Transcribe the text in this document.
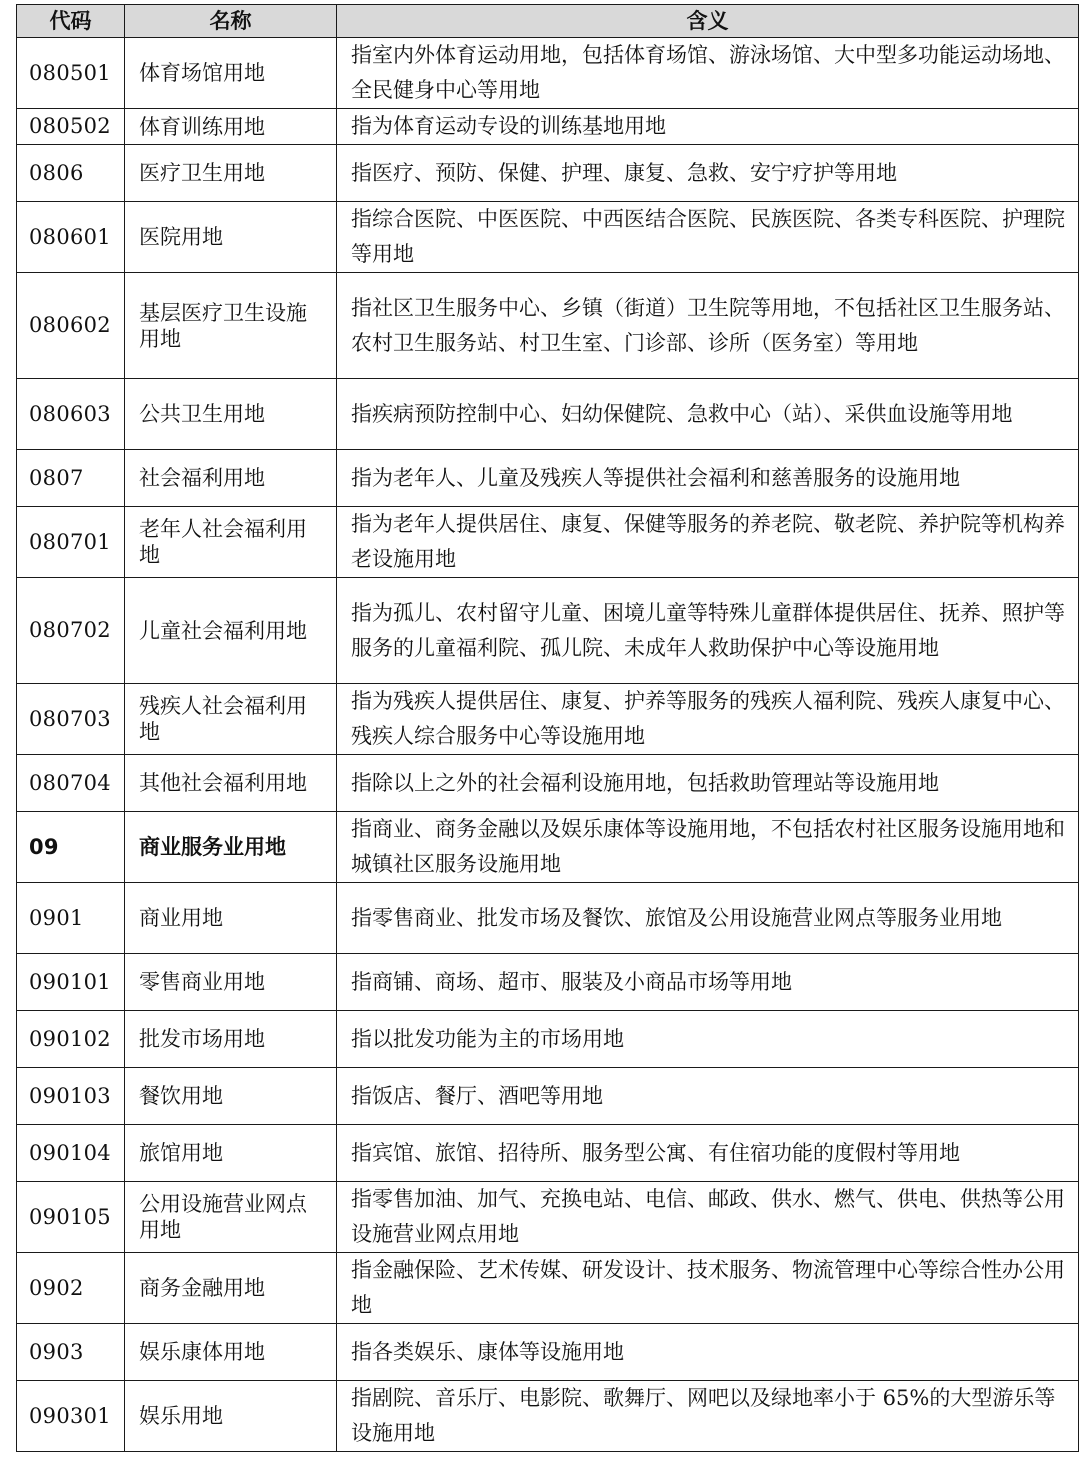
代码	名称	含义
080501	体育场馆用地	指室内外体育运动用地，包括体育场馆、游泳场馆、大中型多功能运动场地、全民健身中心等用地
080502	体育训练用地	指为体育运动专设的训练基地用地
0806	医疗卫生用地	指医疗、预防、保健、护理、康复、急救、安宁疗护等用地
080601	医院用地	指综合医院、中医医院、中西医结合医院、民族医院、各类专科医院、护理院等用地
080602	基层医疗卫生设施用地	指社区卫生服务中心、乡镇（街道）卫生院等用地，不包括社区卫生服务站、农村卫生服务站、村卫生室、门诊部、诊所（医务室）等用地
080603	公共卫生用地	指疾病预防控制中心、妇幼保健院、急救中心（站）、采供血设施等用地
0807	社会福利用地	指为老年人、儿童及残疾人等提供社会福利和慈善服务的设施用地
080701	老年人社会福利用地	指为老年人提供居住、康复、保健等服务的养老院、敬老院、养护院等机构养老设施用地
080702	儿童社会福利用地	指为孤儿、农村留守儿童、困境儿童等特殊儿童群体提供居住、抚养、照护等服务的儿童福利院、孤儿院、未成年人救助保护中心等设施用地
080703	残疾人社会福利用地	指为残疾人提供居住、康复、护养等服务的残疾人福利院、残疾人康复中心、残疾人综合服务中心等设施用地
080704	其他社会福利用地	指除以上之外的社会福利设施用地，包括救助管理站等设施用地
09	商业服务业用地	指商业、商务金融以及娱乐康体等设施用地，不包括农村社区服务设施用地和城镇社区服务设施用地
0901	商业用地	指零售商业、批发市场及餐饮、旅馆及公用设施营业网点等服务业用地
090101	零售商业用地	指商铺、商场、超市、服装及小商品市场等用地
090102	批发市场用地	指以批发功能为主的市场用地
090103	餐饮用地	指饭店、餐厅、酒吧等用地
090104	旅馆用地	指宾馆、旅馆、招待所、服务型公寓、有住宿功能的度假村等用地
090105	公用设施营业网点用地	指零售加油、加气、充换电站、电信、邮政、供水、燃气、供电、供热等公用设施营业网点用地
0902	商务金融用地	指金融保险、艺术传媒、研发设计、技术服务、物流管理中心等综合性办公用地
0903	娱乐康体用地	指各类娱乐、康体等设施用地
090301	娱乐用地	指剧院、音乐厅、电影院、歌舞厅、网吧以及绿地率小于 65%的大型游乐等设施用地
